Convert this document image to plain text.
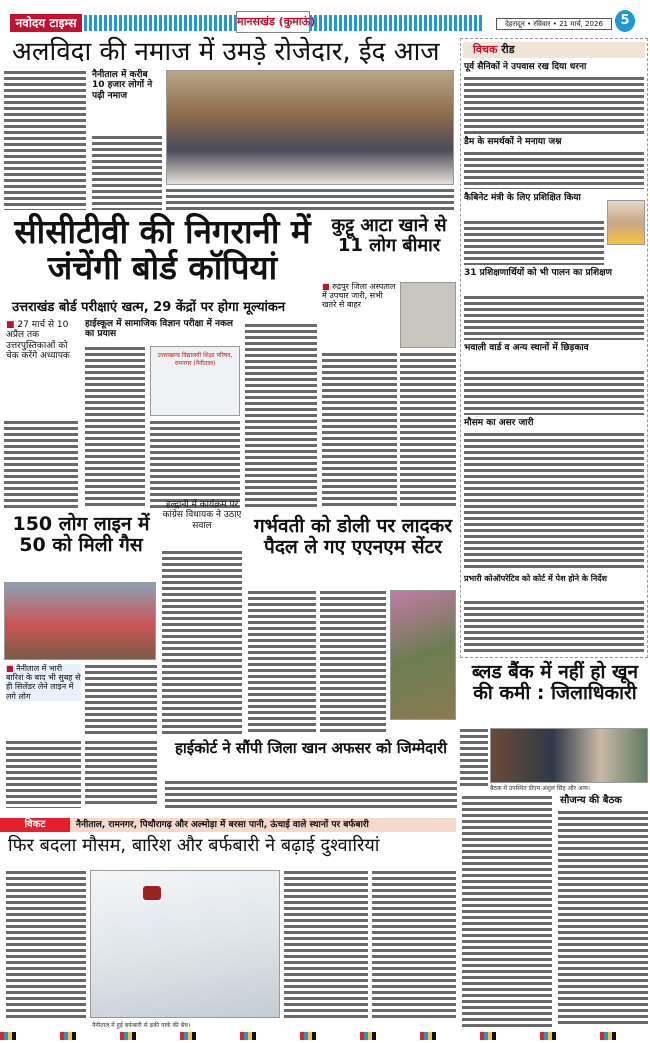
नवोदय टाइम्स	मानसखंड (कुमाऊं)	देहरादून • रविवार • 21 मार्च, 2026	5
अलविदा की नमाज में उमड़े रोजेदार, ईद आज
नैनीताल में करीब 10 हजार लोगों ने पढ़ी नमाज
सीसीटीवी की निगरानी में जंचेंगी बोर्ड कॉपियां
उत्तराखंड बोर्ड परीक्षाएं खत्म, 29 केंद्रों पर होगा मूल्यांकन
■ 27 मार्च से 10 अप्रैल तक उत्तरपुस्तिकाओं को चेक करेंगे अध्यापक
हाईस्कूल में सामाजिक विज्ञान परीक्षा में नकल का प्रयास
उत्तराखण्ड विद्यालयी शिक्षा परिषद, रामनगर (नैनीताल)
कुट्टू आटा खाने से 11 लोग बीमार
■ रुद्रपुर जिला अस्पताल में उपचार जारी, सभी खतरे से बाहर
150 लोग लाइन में 50 को मिली गैस
■ नैनीताल में भारी बारिश के बाद भी सुबह से ही सिलेंडर लेने लाइन में लगे लोग
हल्द्वानी में कार्यक्रम पर कांग्रेस विधायक ने उठाए सवाल	गर्भवती को डोली पर लादकर पैदल ले गए एएनएम सेंटर
हाईकोर्ट ने सौंपी जिला खान अफसर को जिम्मेदारी
विचक रीड
पूर्व सैनिकों ने उपवास रख दिया धरना
डैम के समर्थकों ने मनाया जश्न
कैबिनेट मंत्री के लिए प्रशिक्षित किया
31 प्रशिक्षणार्थियों को भी पालन का प्रशिक्षण
भवाली वार्ड व अन्य स्थानों में छिड़काव
मौसम का असर जारी
प्रभारी कोऑपरेटिव को कोर्ट में पेश होने के निर्देश
ब्लड बैंक में नहीं हो खून की कमी : जिलाधिकारी
बैठक में उपस्थित डीएम अंशुल सिंह और अन्य।
सौजन्य की बैठक
विकट	नैनीताल, रामनगर, पिथौरागढ़ और अल्मोड़ा में बरसा पानी, ऊंचाई वाले स्थानों पर बर्फबारी
फिर बदला मौसम, बारिश और बर्फबारी ने बढ़ाई दुश्वारियां
नैनीताल में हुई बर्फबारी से ढकी पार्क की बेंच।
